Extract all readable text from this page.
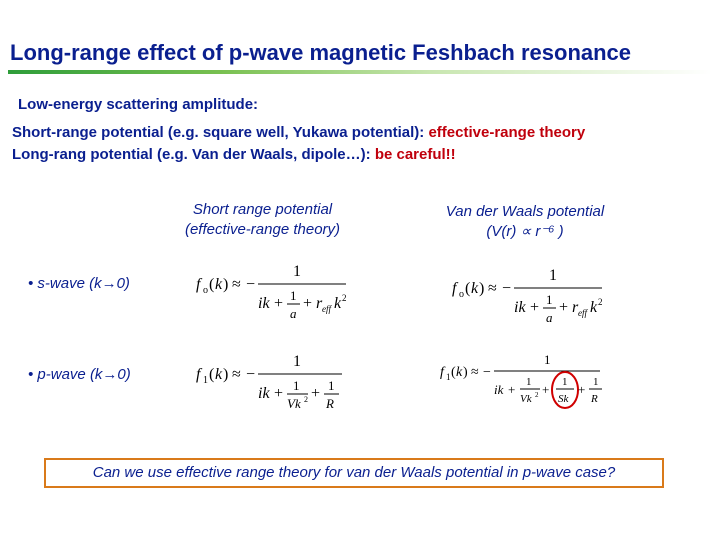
Long-range effect of p-wave magnetic Feshbach resonance
Low-energy scattering amplitude:
Short-range potential (e.g. square well, Yukawa potential): effective-range theory
Long-rang potential (e.g. Van der Waals, dipole…): be careful!!
Short range potential
(effective-range theory)
Van der Waals potential
(V(r) ∝ r⁻⁶ )
• s-wave (k→0)
• p-wave (k→0)
f o ( k ) ≈ −
1
ik + 1
a
+ r eff k 2
f o ( k ) ≈ −
1
ik + 1
a
+ r eff k 2
f 1 ( k ) ≈ −
1
ik + 1
Vk 2 + 1
R
f 1 ( k ) ≈ −
1
ik + 1
Vk 2 + 1
Sk
+ 1
R
Can we use effective range theory for van der Waals potential in p-wave case?
